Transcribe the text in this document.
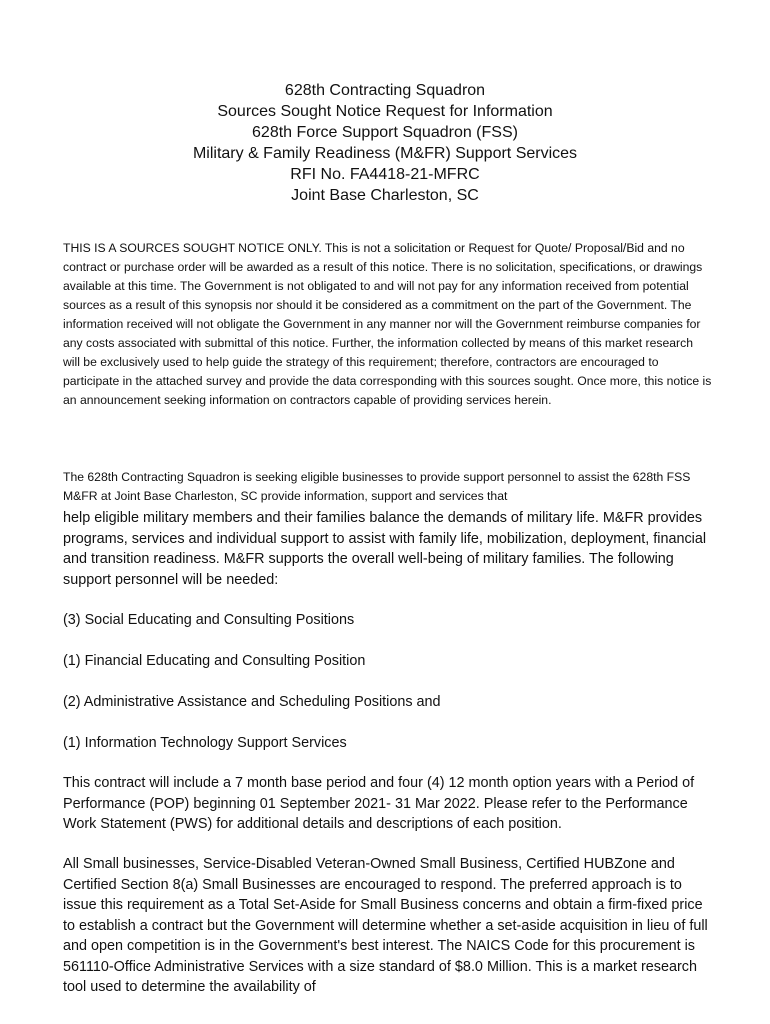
628th Contracting Squadron
Sources Sought Notice Request for Information
628th Force Support Squadron (FSS)
Military & Family Readiness (M&FR) Support Services
RFI No. FA4418-21-MFRC
Joint Base Charleston, SC

THIS IS A SOURCES SOUGHT NOTICE ONLY. This is not a solicitation or Request for Quote/ Proposal/Bid and no contract or purchase order will be awarded as a result of this notice. There is no solicitation, specifications, or drawings available at this time. The Government is not obligated to and will not pay for any information received from potential sources as a result of this synopsis nor should it be considered as a commitment on the part of the Government. The information received will not obligate the Government in any manner nor will the Government reimburse companies for any costs associated with submittal of this notice. Further, the information collected by means of this market research will be exclusively used to help guide the strategy of this requirement; therefore, contractors are encouraged to participate in the attached survey and provide the data corresponding with this sources sought. Once more, this notice is an announcement seeking information on contractors capable of providing services herein.

The 628th Contracting Squadron is seeking eligible businesses to provide support personnel to assist the 628th FSS M&FR at Joint Base Charleston, SC provide information, support and services that

help eligible military members and their families balance the demands of military life. M&FR provides programs, services and individual support to assist with family life, mobilization, deployment, financial and transition readiness. M&FR supports the overall well-being of military families. The following support personnel will be needed:

(3) Social Educating and Consulting Positions

(1) Financial Educating and Consulting Position

(2) Administrative Assistance and Scheduling Positions and

(1) Information Technology Support Services

This contract will include a 7 month base period and four (4) 12 month option years with a Period of Performance (POP) beginning 01 September 2021- 31 Mar 2022. Please refer to the Performance Work Statement (PWS) for additional details and descriptions of each position.

All Small businesses, Service-Disabled Veteran-Owned Small Business, Certified HUBZone and Certified Section 8(a) Small Businesses are encouraged to respond. The preferred approach is to issue this requirement as a Total Set-Aside for Small Business concerns and obtain a firm-fixed price to establish a contract but the Government will determine whether a set-aside acquisition in lieu of full and open competition is in the Government's best interest. The NAICS Code for this procurement is 561110-Office Administrative Services with a size standard of $8.0 Million. This is a market research tool used to determine the availability of
